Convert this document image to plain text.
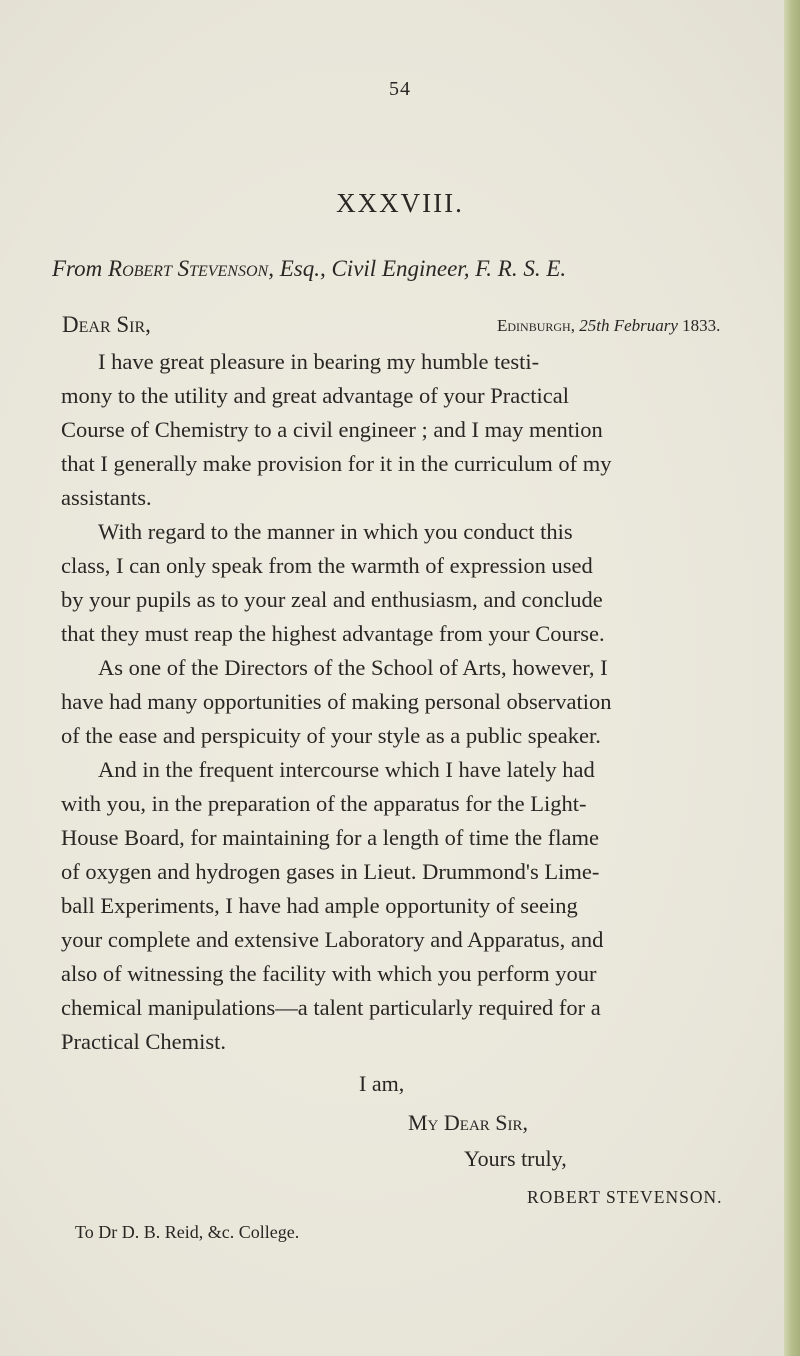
54
XXXVIII.
From Robert Stevenson, Esq., Civil Engineer, F. R. S. E.
Dear Sir,	Edinburgh, 25th February 1833.
I have great pleasure in bearing my humble testi-
mony to the utility and great advantage of your Practical
Course of Chemistry to a civil engineer ; and I may mention
that I generally make provision for it in the curriculum of my
assistants.
With regard to the manner in which you conduct this
class, I can only speak from the warmth of expression used
by your pupils as to your zeal and enthusiasm, and conclude
that they must reap the highest advantage from your Course.
As one of the Directors of the School of Arts, however, I
have had many opportunities of making personal observation
of the ease and perspicuity of your style as a public speaker.
And in the frequent intercourse which I have lately had
with you, in the preparation of the apparatus for the Light-
House Board, for maintaining for a length of time the flame
of oxygen and hydrogen gases in Lieut. Drummond's Lime-
ball Experiments, I have had ample opportunity of seeing
your complete and extensive Laboratory and Apparatus, and
also of witnessing the facility with which you perform your
chemical manipulations—a talent particularly required for a
Practical Chemist.
I am,
My Dear Sir,
Yours truly,
ROBERT STEVENSON.
To Dr D. B. Reid, &c. College.
